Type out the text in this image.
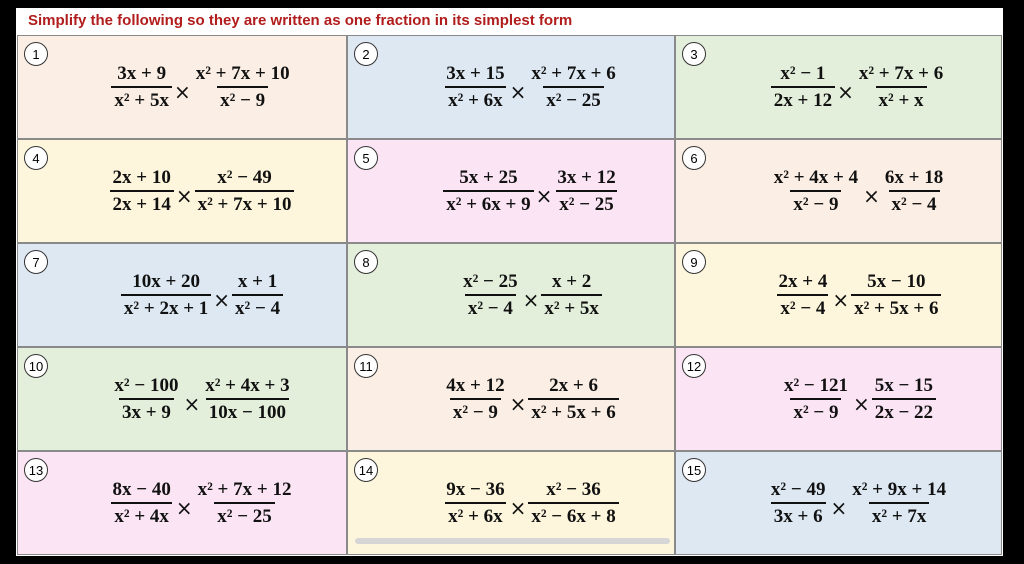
Simplify the following so they are written as one fraction in its simplest form
1
$\frac{3x + 9}{\text{x² + 5x}} \times \frac{\text{x² + 7x + 10}}{\text{x² − 9}}$
2
$\frac{3x + 15}{\text{x² + 6x}} \times \frac{\text{x² + 7x + 6}}{\text{x² − 25}}$
3
$\frac{\text{x² − 1}}{2x + 12} \times \frac{\text{x² + 7x + 6}}{\text{x² + x}}$
4
$\frac{2x + 10}{2x + 14} \times \frac{\text{x² − 49}}{\text{x² + 7x + 10}}$
5
$\frac{5x + 25}{\text{x² + 6x + 9}} \times \frac{3x + 12}{\text{x² − 25}}$
6
$\frac{\text{x² + 4x + 4}}{\text{x² − 9}} \times \frac{6x + 18}{\text{x² − 4}}$
7
$\frac{10x + 20}{\text{x² + 2x + 1}} \times \frac{x + 1}{\text{x² − 4}}$
8
$\frac{\text{x² − 25}}{\text{x² − 4}} \times \frac{x + 2}{\text{x² + 5x}}$
9
$\frac{2x + 4}{\text{x² − 4}} \times \frac{5x - 10}{\text{x² + 5x + 6}}$
10
$\frac{\text{x² − 100}}{3x + 9} \times \frac{\text{x² + 4x + 3}}{10x - 100}$
11
$\frac{4x + 12}{\text{x² − 9}} \times \frac{2x + 6}{\text{x² + 5x + 6}}$
12
$\frac{\text{x² − 121}}{\text{x² − 9}} \times \frac{5x - 15}{2x - 22}$
13
$\frac{8x - 40}{\text{x² + 4x}} \times \frac{\text{x² + 7x + 12}}{\text{x² − 25}}$
14
$\frac{9x - 36}{\text{x² + 6x}} \times \frac{\text{x² − 36}}{\text{x² − 6x + 8}}$
15
$\frac{\text{x² − 49}}{3x + 6} \times \frac{\text{x² + 9x + 14}}{\text{x² + 7x}}$
